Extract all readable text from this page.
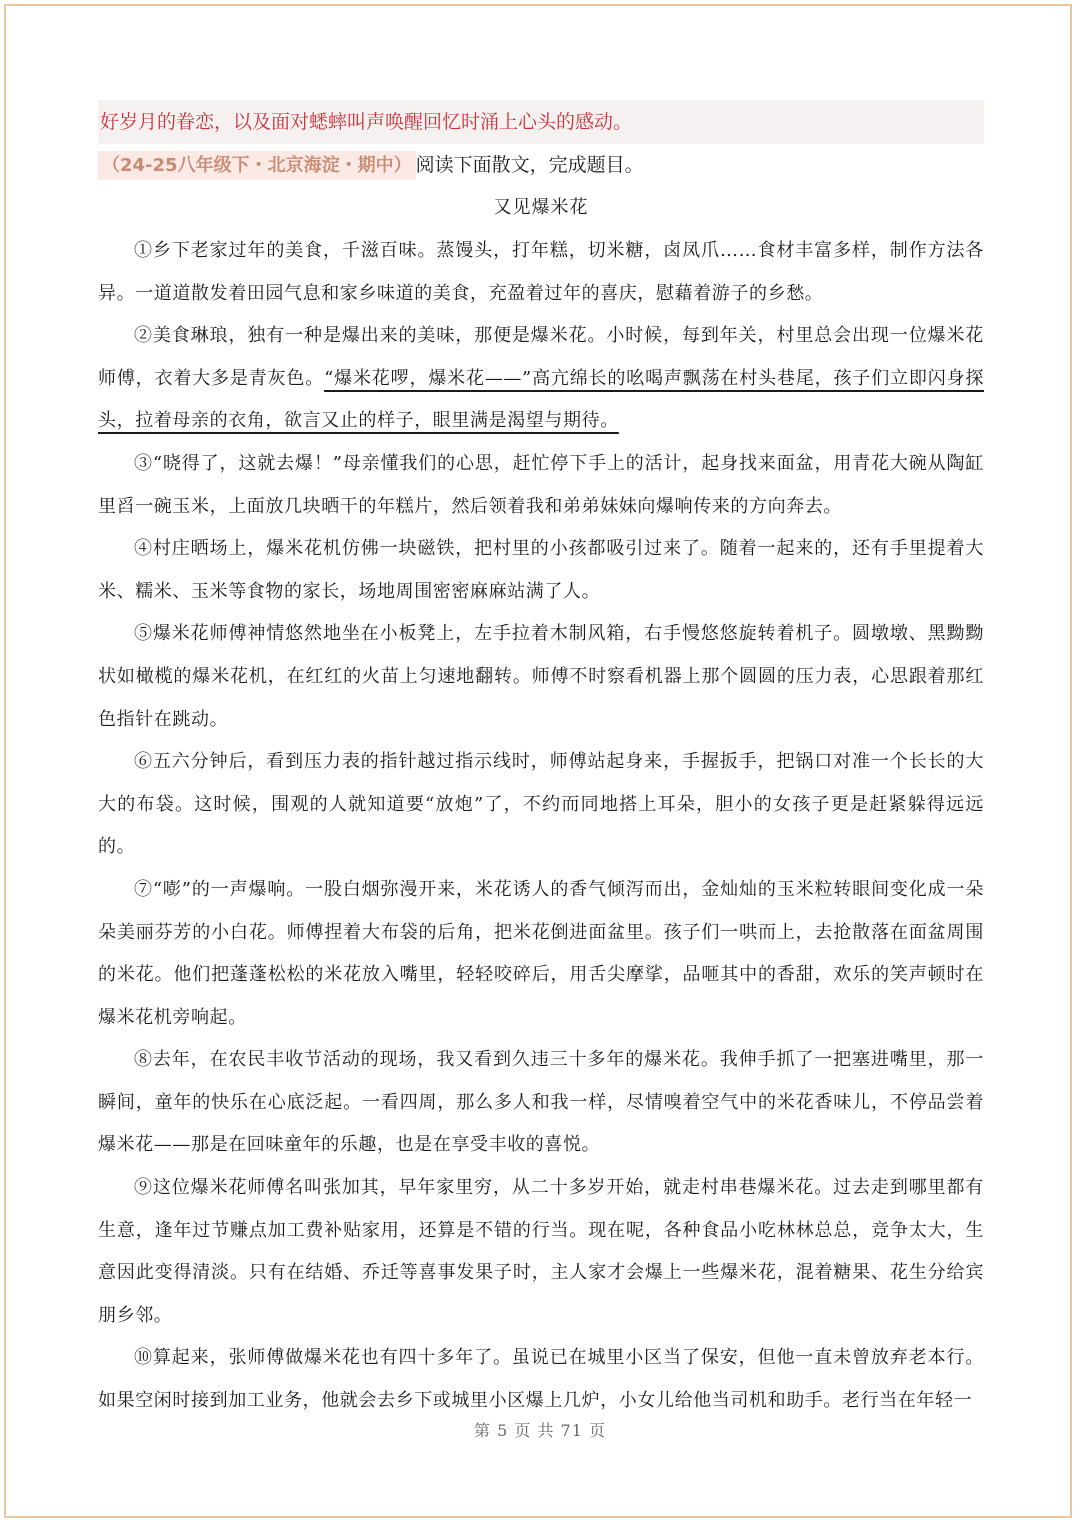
好岁月的眷恋，以及面对蟋蟀叫声唤醒回忆时涌上心头的感动。
（24-25八年级下・北京海淀・期中） 阅读下面散文，完成题目。
又见爆米花

①乡下老家过年的美食，千滋百味。蒸馒头，打年糕，切米糖，卤凤爪……食材丰富多样，制作方法各异。一道道散发着田园气息和家乡味道的美食，充盈着过年的喜庆，慰藉着游子的乡愁。

②美食琳琅，独有一种是爆出来的美味，那便是爆米花。小时候，每到年关，村里总会出现一位爆米花师傅，衣着大多是青灰色。“爆米花啰，爆米花——”高亢绵长的吆喝声飘荡在村头巷尾，孩子们立即闪身探头，拉着母亲的衣角，欲言又止的样子，眼里满是渴望与期待。

③“晓得了，这就去爆！”母亲懂我们的心思，赶忙停下手上的活计，起身找来面盆，用青花大碗从陶缸里舀一碗玉米，上面放几块晒干的年糕片，然后领着我和弟弟妹妹向爆响传来的方向奔去。

④村庄晒场上，爆米花机仿佛一块磁铁，把村里的小孩都吸引过来了。随着一起来的，还有手里提着大米、糯米、玉米等食物的家长，场地周围密密麻麻站满了人。

⑤爆米花师傅神情悠然地坐在小板凳上，左手拉着木制风箱，右手慢悠悠旋转着机子。圆墩墩、黑黝黝状如橄榄的爆米花机，在红红的火苗上匀速地翻转。师傅不时察看机器上那个圆圆的压力表，心思跟着那红色指针在跳动。

⑥五六分钟后，看到压力表的指针越过指示线时，师傅站起身来，手握扳手，把锅口对准一个长长的大大的布袋。这时候，围观的人就知道要“放炮”了，不约而同地搭上耳朵，胆小的女孩子更是赶紧躲得远远的。

⑦“嘭”的一声爆响。一股白烟弥漫开来，米花诱人的香气倾泻而出，金灿灿的玉米粒转眼间变化成一朵朵美丽芬芳的小白花。师傅捏着大布袋的后角，把米花倒进面盆里。孩子们一哄而上，去抢散落在面盆周围的米花。他们把蓬蓬松松的米花放入嘴里，轻轻咬碎后，用舌尖摩挲，品咂其中的香甜，欢乐的笑声顿时在爆米花机旁响起。

⑧去年，在农民丰收节活动的现场，我又看到久违三十多年的爆米花。我伸手抓了一把塞进嘴里，那一瞬间，童年的快乐在心底泛起。一看四周，那么多人和我一样，尽情嗅着空气中的米花香味儿，不停品尝着爆米花——那是在回味童年的乐趣，也是在享受丰收的喜悦。

⑨这位爆米花师傅名叫张加其，早年家里穷，从二十多岁开始，就走村串巷爆米花。过去走到哪里都有生意，逢年过节赚点加工费补贴家用，还算是不错的行当。现在呢，各种食品小吃林林总总，竞争太大，生意因此变得清淡。只有在结婚、乔迁等喜事发果子时，主人家才会爆上一些爆米花，混着糖果、花生分给宾朋乡邻。

⑩算起来，张师傅做爆米花也有四十多年了。虽说已在城里小区当了保安，但他一直未曾放弃老本行。如果空闲时接到加工业务，他就会去乡下或城里小区爆上几炉，小女儿给他当司机和助手。老行当在年轻一

第 5 页 共 71 页
